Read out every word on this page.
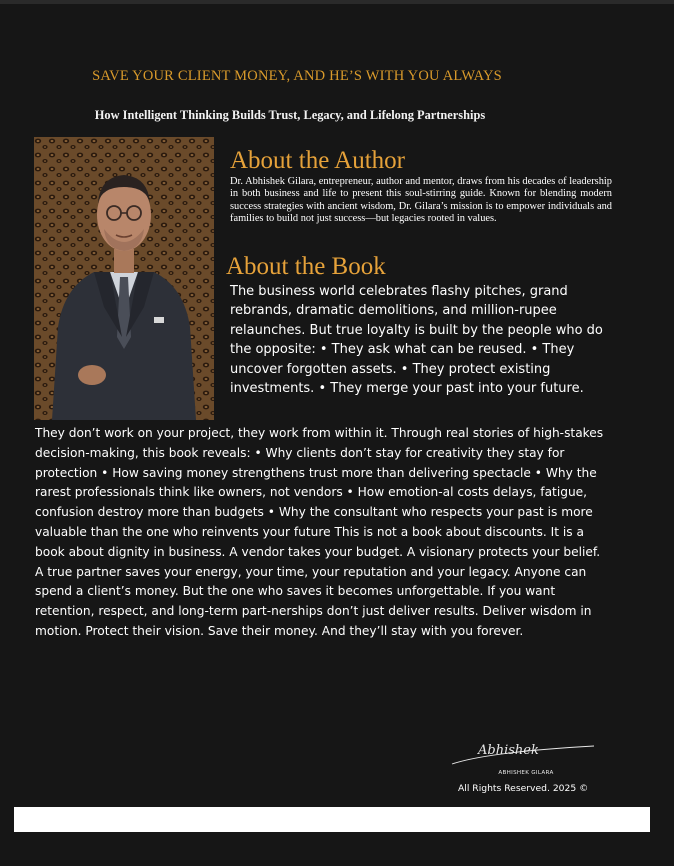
SAVE YOUR CLIENT MONEY, AND HE’S WITH YOU ALWAYS
How Intelligent Thinking Builds Trust, Legacy, and Lifelong Partnerships
About the Author

Dr. Abhishek Gilara, entrepreneur, author and mentor, draws from his decades of leadership in both business and life to present this soul-stirring guide. Known for blending modern success strategies with ancient wisdom, Dr. Gilara’s mission is to empower individuals and families to build not just success—but legacies rooted in values.

About the Book

The business world celebrates flashy pitches, grand rebrands, dramatic demolitions, and million-rupee relaunches. But true loyalty is built by the people who do the opposite: • They ask what can be reused. • They uncover forgotten assets. • They protect existing investments. • They merge your past into your future.

They don’t work on your project, they work from within it. Through real stories of high-stakes decision-making, this book reveals: • Why clients don’t stay for creativity they stay for protection • How saving money strengthens trust more than delivering spectacle • Why the rarest professionals think like owners, not vendors • How emotion-al costs delays, fatigue, confusion destroy more than budgets • Why the consultant who respects your past is more valuable than the one who reinvents your future This is not a book about discounts. It is a book about dignity in business. A vendor takes your budget. A visionary protects your belief. A true partner saves your energy, your time, your reputation and your legacy. Anyone can spend a client’s money. But the one who saves it becomes unforgettable. If you want retention, respect, and long-term part-nerships don’t just deliver results. Deliver wisdom in motion. Protect their vision. Save their money. And they’ll stay with you forever.

Abhishek
ABHISHEK GILARA
All Rights Reserved. 2025 ©
